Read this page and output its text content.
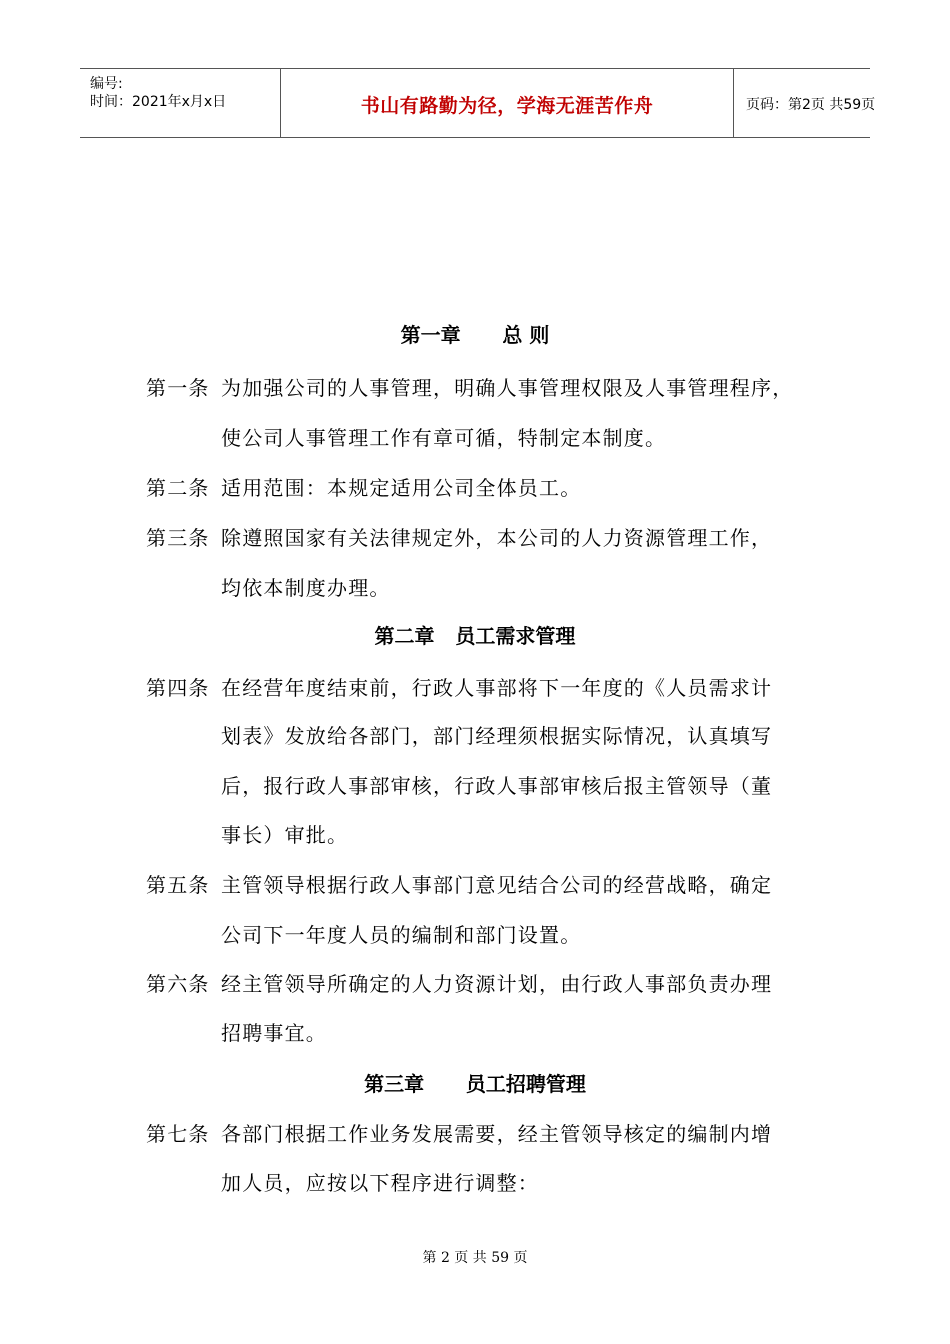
编号:
时间：2021年x月x日	书山有路勤为径，学海无涯苦作舟	页码：第2页 共59页
第一章      总 则
第一条 为加强公司的人事管理，明确人事管理权限及人事管理程序，
使公司人事管理工作有章可循，特制定本制度。
第二条 适用范围：本规定适用公司全体员工。
第三条 除遵照国家有关法律规定外，本公司的人力资源管理工作，
均依本制度办理。
第二章   员工需求管理
第四条 在经营年度结束前，行政人事部将下一年度的《人员需求计
划表》发放给各部门，部门经理须根据实际情况，认真填写
后，报行政人事部审核，行政人事部审核后报主管领导（董
事长）审批。
第五条 主管领导根据行政人事部门意见结合公司的经营战略，确定
公司下一年度人员的编制和部门设置。
第六条 经主管领导所确定的人力资源计划，由行政人事部负责办理
招聘事宜。
第三章      员工招聘管理
第七条 各部门根据工作业务发展需要，经主管领导核定的编制内增
加人员，应按以下程序进行调整：
第 2 页 共 59 页
